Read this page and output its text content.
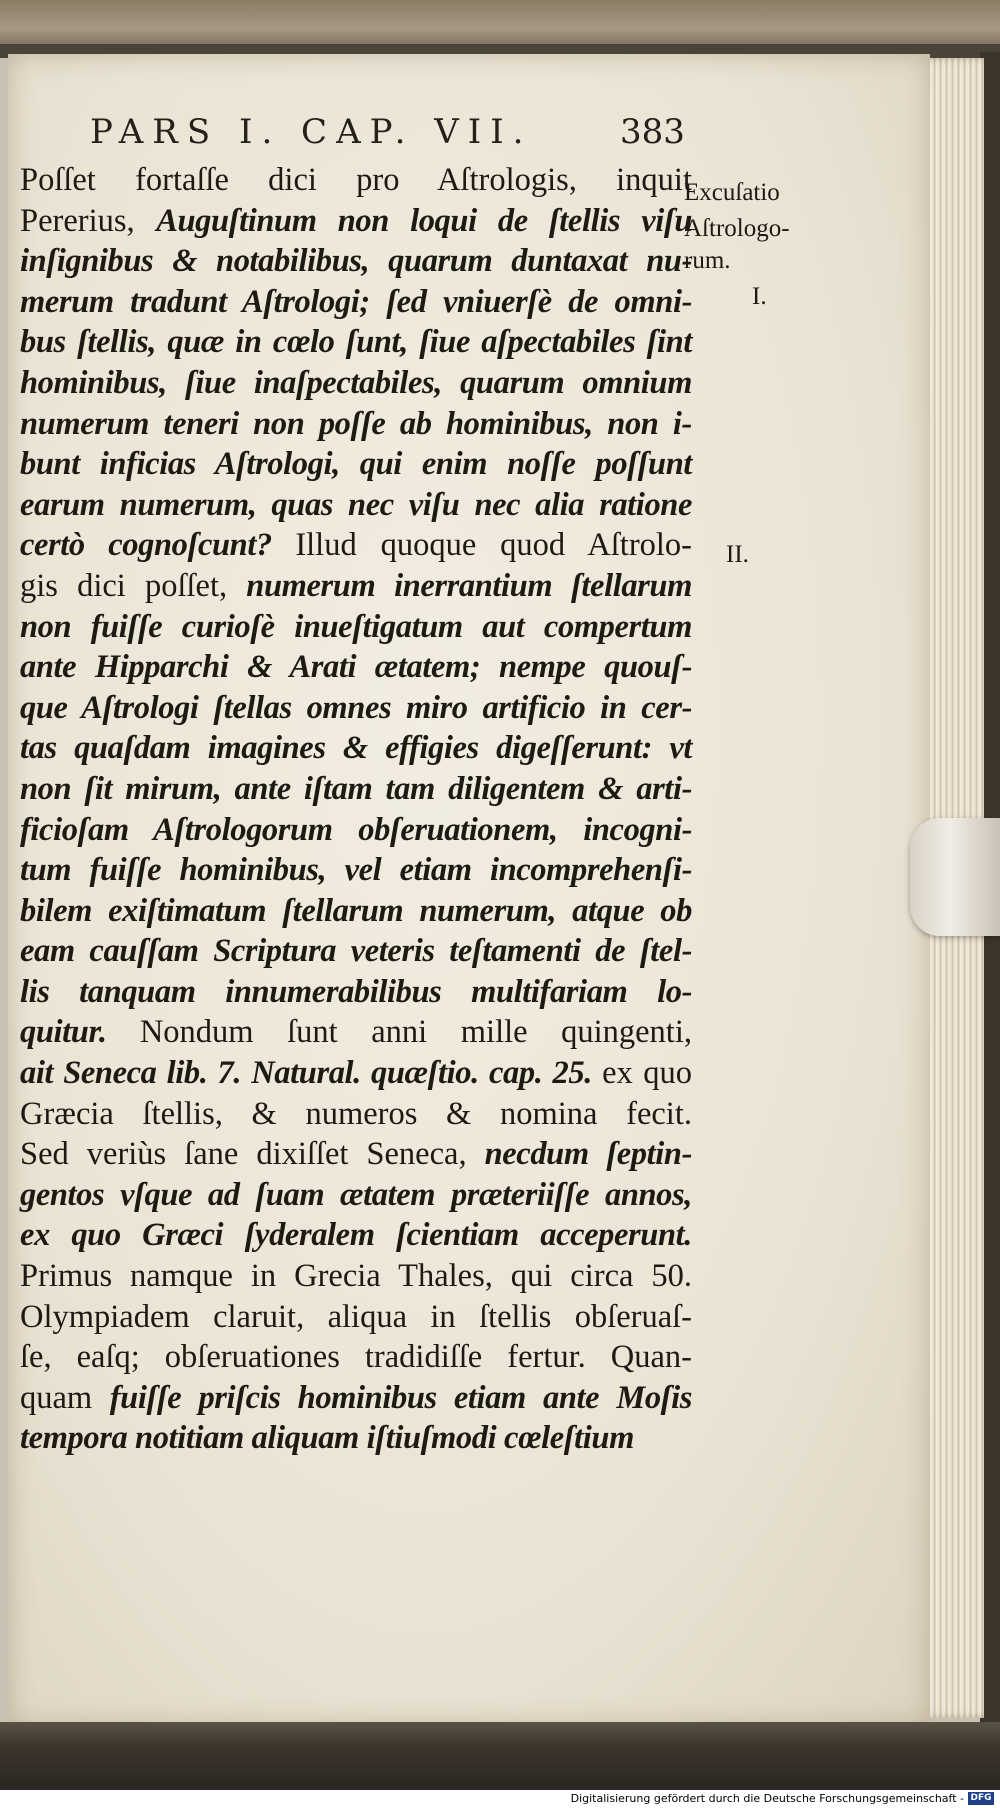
PARS I. CAP. VII.	383
Poſſet fortaſſe dici pro Aſtrologis, inquit
Pererius, Auguſtinum non loqui de ſtellis viſu
inſignibus & notabilibus, quarum duntaxat nu-
merum tradunt Aſtrologi; ſed vniuerſè de omni-
bus ſtellis, quæ in cœlo ſunt, ſiue aſpectabiles ſint
hominibus, ſiue inaſpectabiles, quarum omnium
numerum teneri non poſſe ab hominibus, non i-
bunt inficias Aſtrologi, qui enim noſſe poſſunt
earum numerum, quas nec viſu nec alia ratione
certò cognoſcunt? Illud quoque quod Aſtrolo-
gis dici poſſet, numerum inerrantium ſtellarum
non fuiſſe curioſè inueſtigatum aut compertum
ante Hipparchi & Arati ætatem; nempe quouſ-
que Aſtrologi ſtellas omnes miro artificio in cer-
tas quaſdam imagines & effigies digeſſerunt: vt
non ſit mirum, ante iſtam tam diligentem & arti-
ficioſam Aſtrologorum obſeruationem, incogni-
tum fuiſſe hominibus, vel etiam incomprehenſi-
bilem exiſtimatum ſtellarum numerum, atque ob
eam cauſſam Scriptura veteris teſtamenti de ſtel-
lis tanquam innumerabilibus multifariam lo-
quitur. Nondum ſunt anni mille quingenti,
ait Seneca lib. 7. Natural. quæſtio. cap. 25. ex quo
Græcia ſtellis, & numeros & nomina fecit.
Sed veriùs ſane dixiſſet Seneca, necdum ſeptin-
gentos vſque ad ſuam ætatem præteriiſſe annos,
ex quo Græci ſyderalem ſcientiam acceperunt.
Primus namque in Grecia Thales, qui circa 50.
Olympiadem claruit, aliqua in ſtellis obſeruaſ-
ſe, eaſq; obſeruationes tradidiſſe fertur. Quan-
quam fuiſſe priſcis hominibus etiam ante Moſis
tempora notitiam aliquam iſtiuſmodi cœleſtium
Excuſatio
Aſtrologo-
rum.
I.
II.
Digitalisierung gefördert durch die Deutsche Forschungsgemeinschaft - DFG
